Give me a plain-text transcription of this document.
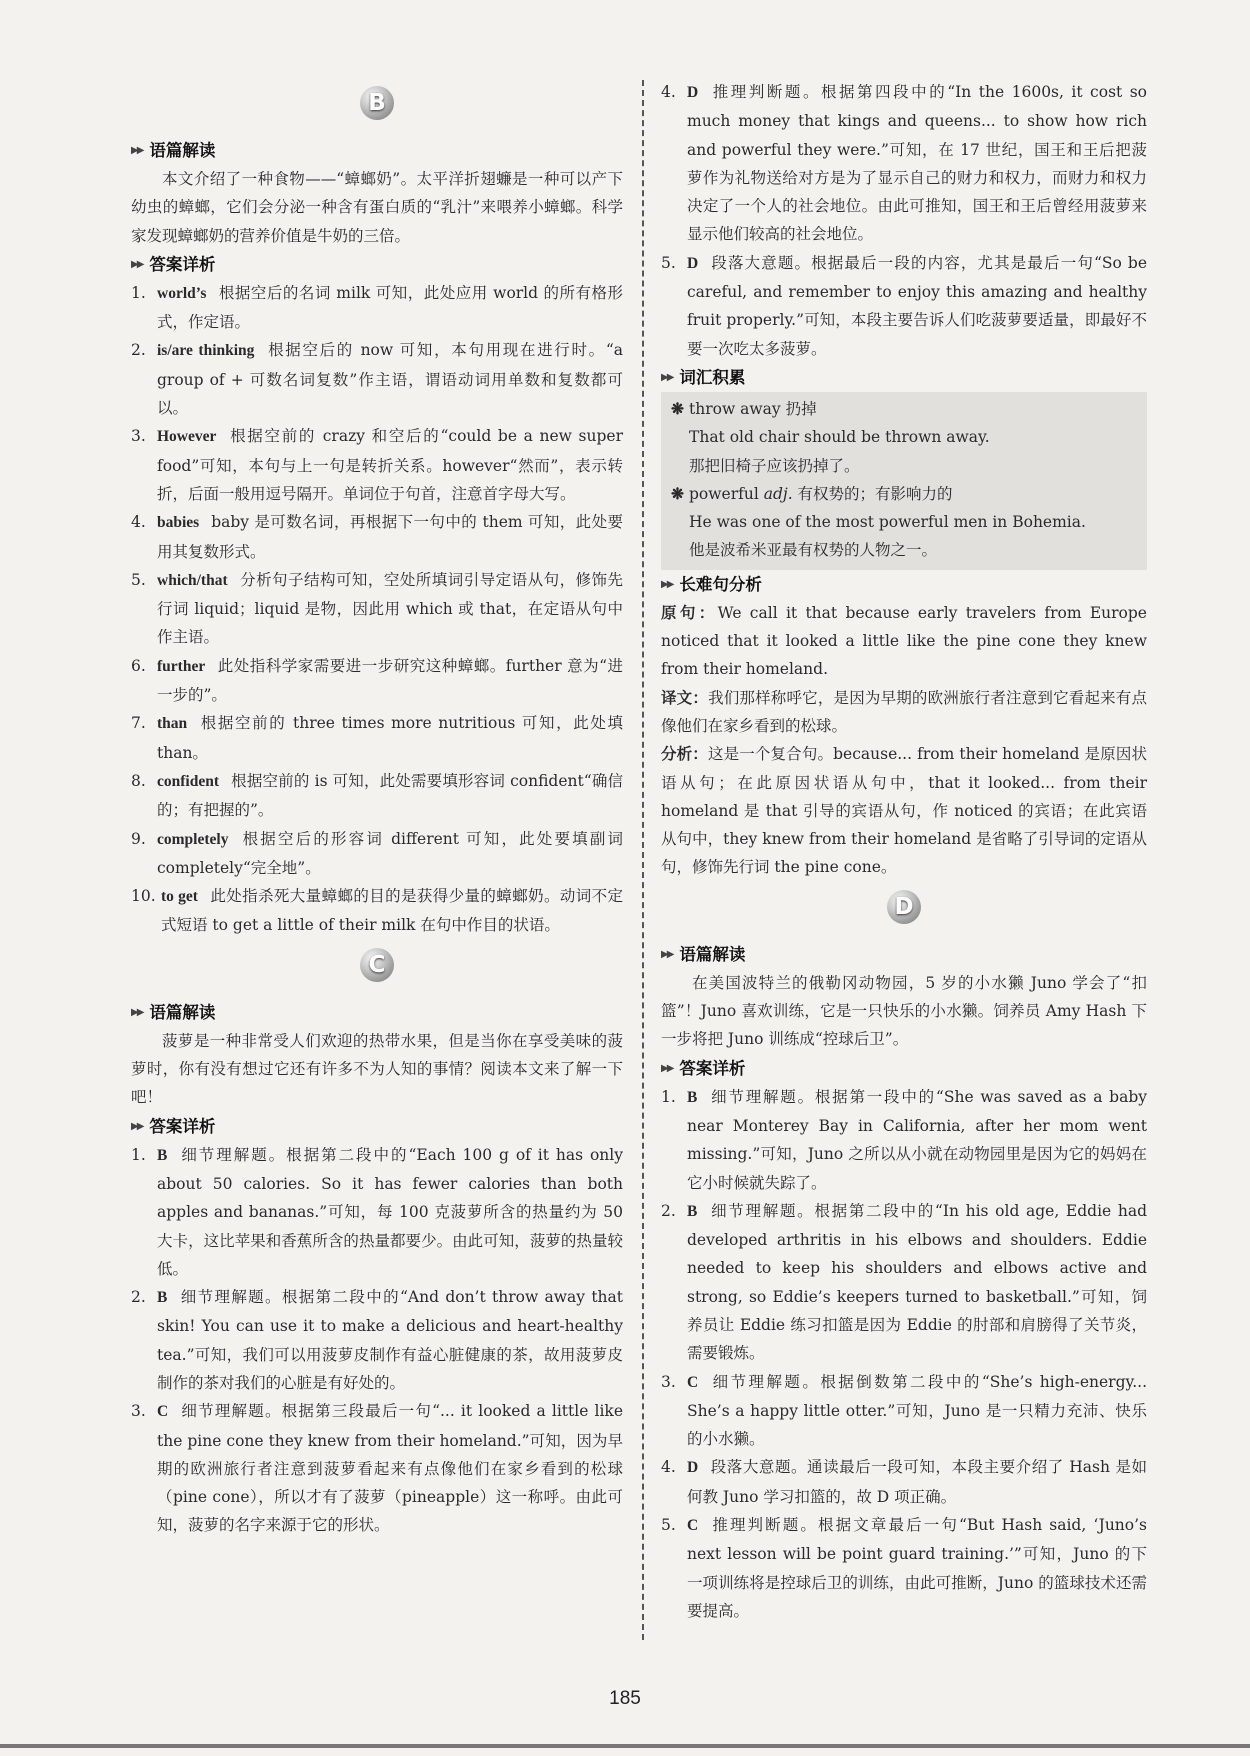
B
▶▶ 语篇解读
本文介绍了一种食物——“蟑螂奶”。太平洋折翅蠊是一种可以产下幼虫的蟑螂，它们会分泌一种含有蛋白质的“乳汁”来喂养小蟑螂。科学家发现蟑螂奶的营养价值是牛奶的三倍。
▶▶ 答案详析
1. world’s 根据空后的名词 milk 可知，此处应用 world 的所有格形式，作定语。
2. is/are thinking 根据空后的 now 可知，本句用现在进行时。“a group of + 可数名词复数”作主语，谓语动词用单数和复数都可以。
3. However 根据空前的 crazy 和空后的“could be a new super food”可知，本句与上一句是转折关系。however“然而”，表示转折，后面一般用逗号隔开。单词位于句首，注意首字母大写。
4. babies baby 是可数名词，再根据下一句中的 them 可知，此处要用其复数形式。
5. which/that 分析句子结构可知，空处所填词引导定语从句，修饰先行词 liquid；liquid 是物，因此用 which 或 that，在定语从句中作主语。
6. further 此处指科学家需要进一步研究这种蟑螂。further 意为“进一步的”。
7. than 根据空前的 three times more nutritious 可知，此处填 than。
8. confident 根据空前的 is 可知，此处需要填形容词 confident“确信的；有把握的”。
9. completely 根据空后的形容词 different 可知，此处要填副词 completely“完全地”。
10. to get 此处指杀死大量蟑螂的目的是获得少量的蟑螂奶。动词不定式短语 to get a little of their milk 在句中作目的状语。
C
▶▶ 语篇解读
菠萝是一种非常受人们欢迎的热带水果，但是当你在享受美味的菠萝时，你有没有想过它还有许多不为人知的事情？阅读本文来了解一下吧！
▶▶ 答案详析
1. B 细节理解题。根据第二段中的“Each 100 g of it has only about 50 calories. So it has fewer calories than both apples and bananas.”可知，每 100 克菠萝所含的热量约为 50 大卡，这比苹果和香蕉所含的热量都要少。由此可知，菠萝的热量较低。
2. B 细节理解题。根据第二段中的“And don’t throw away that skin! You can use it to make a delicious and heart-healthy tea.”可知，我们可以用菠萝皮制作有益心脏健康的茶，故用菠萝皮制作的茶对我们的心脏是有好处的。
3. C 细节理解题。根据第三段最后一句“... it looked a little like the pine cone they knew from their homeland.”可知，因为早期的欧洲旅行者注意到菠萝看起来有点像他们在家乡看到的松球（pine cone），所以才有了菠萝（pineapple）这一称呼。由此可知，菠萝的名字来源于它的形状。
4. D 推理判断题。根据第四段中的“In the 1600s, it cost so much money that kings and queens... to show how rich and powerful they were.”可知，在 17 世纪，国王和王后把菠萝作为礼物送给对方是为了显示自己的财力和权力，而财力和权力决定了一个人的社会地位。由此可推知，国王和王后曾经用菠萝来显示他们较高的社会地位。
5. D 段落大意题。根据最后一段的内容，尤其是最后一句“So be careful, and remember to enjoy this amazing and healthy fruit properly.”可知，本段主要告诉人们吃菠萝要适量，即最好不要一次吃太多菠萝。
▶▶ 词汇积累
❋ throw away 扔掉
That old chair should be thrown away.
那把旧椅子应该扔掉了。
❋ powerful adj. 有权势的；有影响力的
He was one of the most powerful men in Bohemia.
他是波希米亚最有权势的人物之一。
▶▶ 长难句分析
原句：We call it that because early travelers from Europe noticed that it looked a little like the pine cone they knew from their homeland.
译文：我们那样称呼它，是因为早期的欧洲旅行者注意到它看起来有点像他们在家乡看到的松球。
分析：这是一个复合句。because... from their homeland 是原因状语从句；在此原因状语从句中，that it looked... from their homeland 是 that 引导的宾语从句，作 noticed 的宾语；在此宾语从句中，they knew from their homeland 是省略了引导词的定语从句，修饰先行词 the pine cone。
D
▶▶ 语篇解读
在美国波特兰的俄勒冈动物园，5 岁的小水獭 Juno 学会了“扣篮”！Juno 喜欢训练，它是一只快乐的小水獭。饲养员 Amy Hash 下一步将把 Juno 训练成“控球后卫”。
▶▶ 答案详析
1. B 细节理解题。根据第一段中的“She was saved as a baby near Monterey Bay in California, after her mom went missing.”可知，Juno 之所以从小就在动物园里是因为它的妈妈在它小时候就失踪了。
2. B 细节理解题。根据第二段中的“In his old age, Eddie had developed arthritis in his elbows and shoulders. Eddie needed to keep his shoulders and elbows active and strong, so Eddie’s keepers turned to basketball.”可知，饲养员让 Eddie 练习扣篮是因为 Eddie 的肘部和肩膀得了关节炎，需要锻炼。
3. C 细节理解题。根据倒数第二段中的“She’s high-energy... She’s a happy little otter.”可知，Juno 是一只精力充沛、快乐的小水獭。
4. D 段落大意题。通读最后一段可知，本段主要介绍了 Hash 是如何教 Juno 学习扣篮的，故 D 项正确。
5. C 推理判断题。根据文章最后一句“But Hash said, ‘Juno’s next lesson will be point guard training.’”可知，Juno 的下一项训练将是控球后卫的训练，由此可推断，Juno 的篮球技术还需要提高。
185
